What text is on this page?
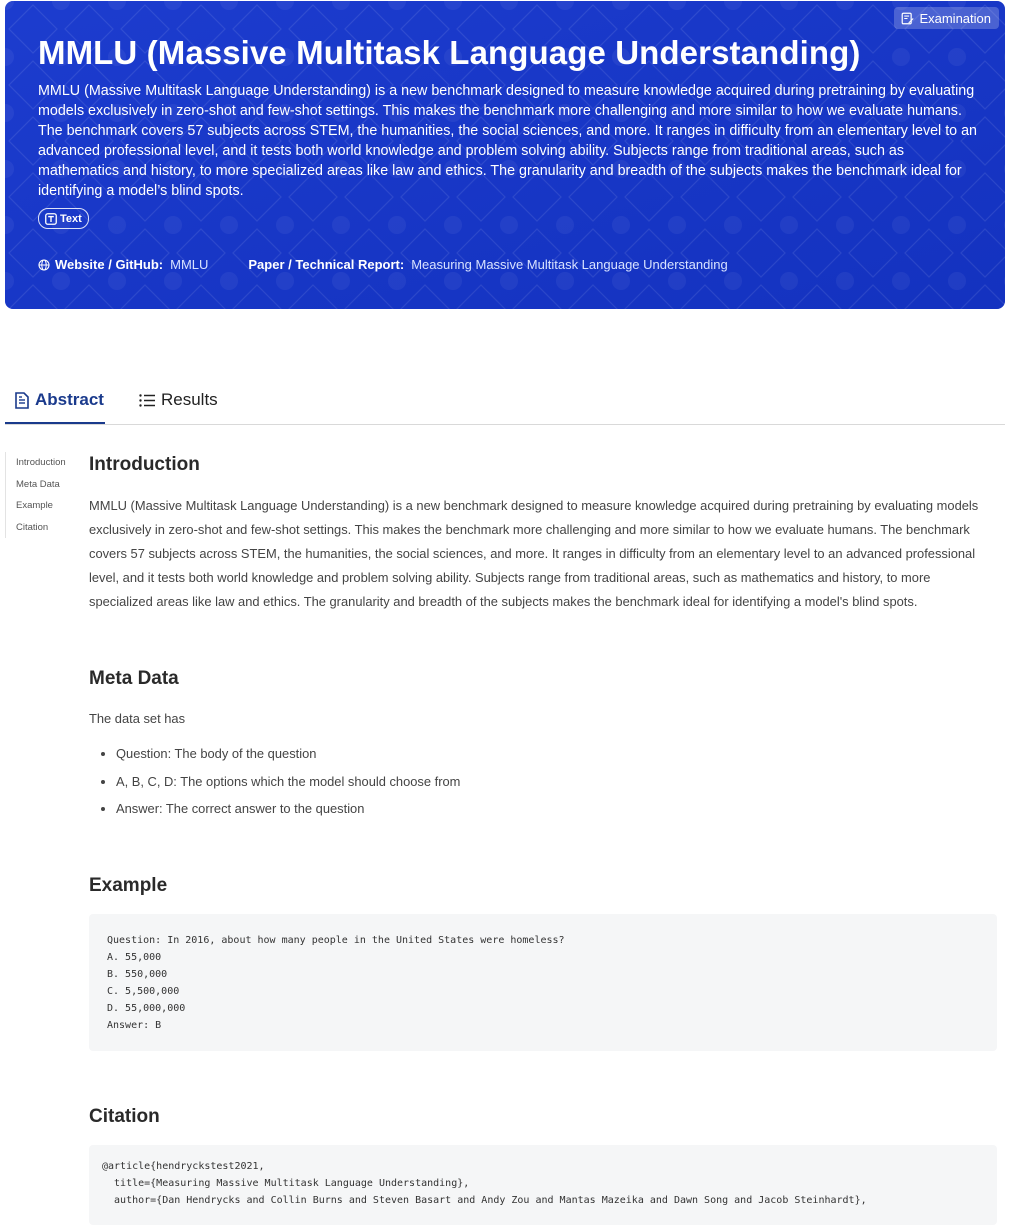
Examination
MMLU (Massive Multitask Language Understanding)

MMLU (Massive Multitask Language Understanding) is a new benchmark designed to measure knowledge acquired during pretraining by evaluating models exclusively in zero-shot and few-shot settings. This makes the benchmark more challenging and more similar to how we evaluate humans. The benchmark covers 57 subjects across STEM, the humanities, the social sciences, and more. It ranges in difficulty from an elementary level to an advanced professional level, and it tests both world knowledge and problem solving ability. Subjects range from traditional areas, such as mathematics and history, to more specialized areas like law and ethics. The granularity and breadth of the subjects makes the benchmark ideal for identifying a model’s blind spots.

Text
Website / GitHub: MMLU	Paper / Technical Report: Measuring Massive Multitask Language Understanding
Abstract	Results
Introduction
Meta Data
Example
Citation
Introduction

MMLU (Massive Multitask Language Understanding) is a new benchmark designed to measure knowledge acquired during pretraining by evaluating models exclusively in zero-shot and few-shot settings. This makes the benchmark more challenging and more similar to how we evaluate humans. The benchmark covers 57 subjects across STEM, the humanities, the social sciences, and more. It ranges in difficulty from an elementary level to an advanced professional level, and it tests both world knowledge and problem solving ability. Subjects range from traditional areas, such as mathematics and history, to more specialized areas like law and ethics. The granularity and breadth of the subjects makes the benchmark ideal for identifying a model's blind spots.

Meta Data

The data set has

• Question: The body of the question
• A, B, C, D: The options which the model should choose from
• Answer: The correct answer to the question
Example
Question: In 2016, about how many people in the United States were homeless?
A. 55,000
B. 550,000
C. 5,500,000
D. 55,000,000
Answer: B
Citation
@article{hendryckstest2021,
title={Measuring Massive Multitask Language Understanding},
author={Dan Hendrycks and Collin Burns and Steven Basart and Andy Zou and Mantas Mazeika and Dawn Song and Jacob Steinhardt},
